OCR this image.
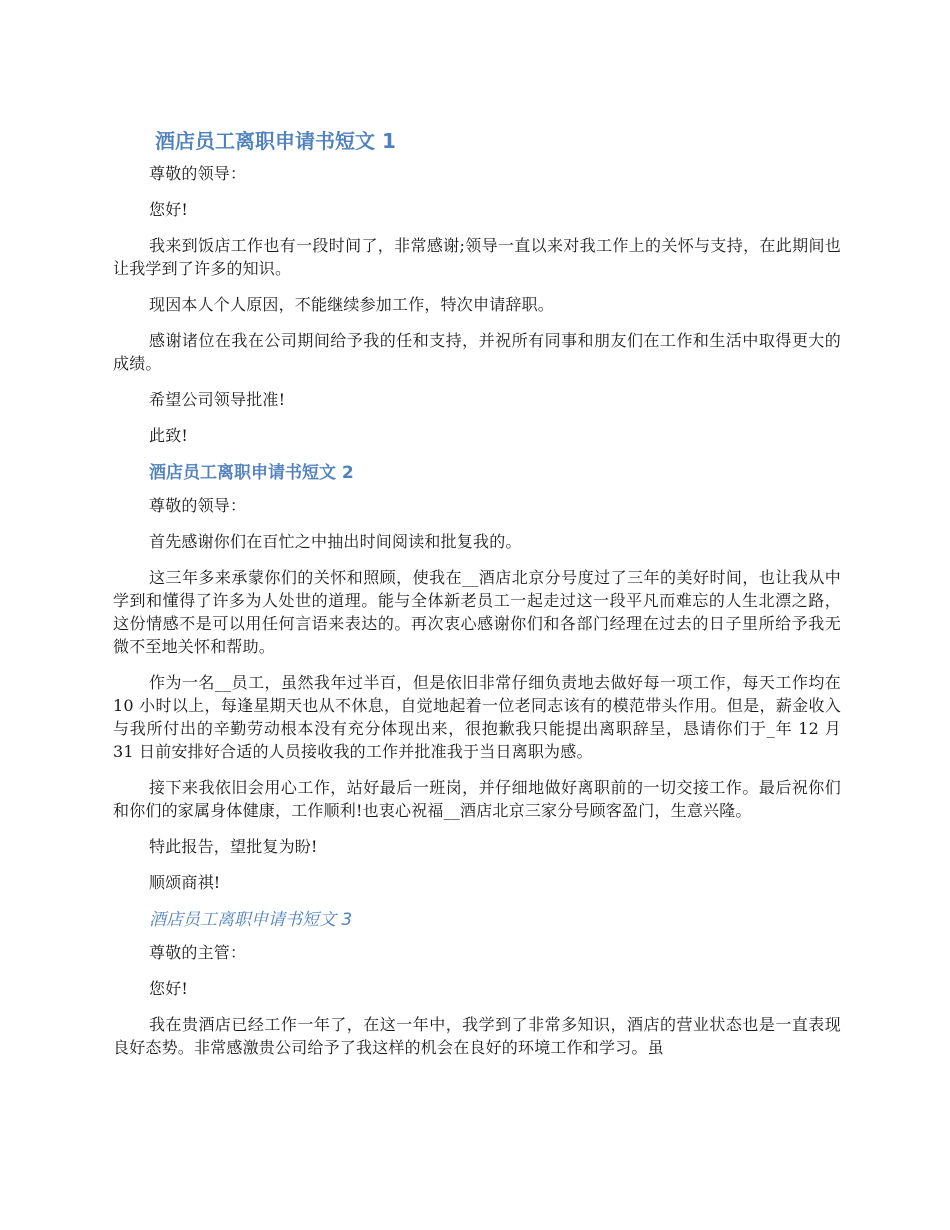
酒店员工离职申请书短文 1

尊敬的领导：

您好!

我来到饭店工作也有一段时间了，非常感谢;领导一直以来对我工作上的关怀与支持，在此期间也让我学到了许多的知识。

现因本人个人原因，不能继续参加工作，特次申请辞职。

感谢诸位在我在公司期间给予我的任和支持，并祝所有同事和朋友们在工作和生活中取得更大的成绩。

希望公司领导批准!

此致!

酒店员工离职申请书短文 2

尊敬的领导：

首先感谢你们在百忙之中抽出时间阅读和批复我的。

这三年多来承蒙你们的关怀和照顾，使我在__酒店北京分号度过了三年的美好时间，也让我从中学到和懂得了许多为人处世的道理。能与全体新老员工一起走过这一段平凡而难忘的人生北漂之路，这份情感不是可以用任何言语来表达的。再次衷心感谢你们和各部门经理在过去的日子里所给予我无微不至地关怀和帮助。

作为一名__员工，虽然我年过半百，但是依旧非常仔细负责地去做好每一项工作，每天工作均在 10 小时以上，每逢星期天也从不休息，自觉地起着一位老同志该有的模范带头作用。但是，薪金收入与我所付出的辛勤劳动根本没有充分体现出来，很抱歉我只能提出离职辞呈，恳请你们于_年 12 月 31 日前安排好合适的人员接收我的工作并批准我于当日离职为感。

接下来我依旧会用心工作，站好最后一班岗，并仔细地做好离职前的一切交接工作。最后祝你们和你们的家属身体健康，工作顺利!也衷心祝福__酒店北京三家分号顾客盈门，生意兴隆。

特此报告，望批复为盼!

顺颂商祺!

酒店员工离职申请书短文 3

尊敬的主管：

您好!

我在贵酒店已经工作一年了，在这一年中，我学到了非常多知识，酒店的营业状态也是一直表现良好态势。非常感激贵公司给予了我这样的机会在良好的环境工作和学习。虽
